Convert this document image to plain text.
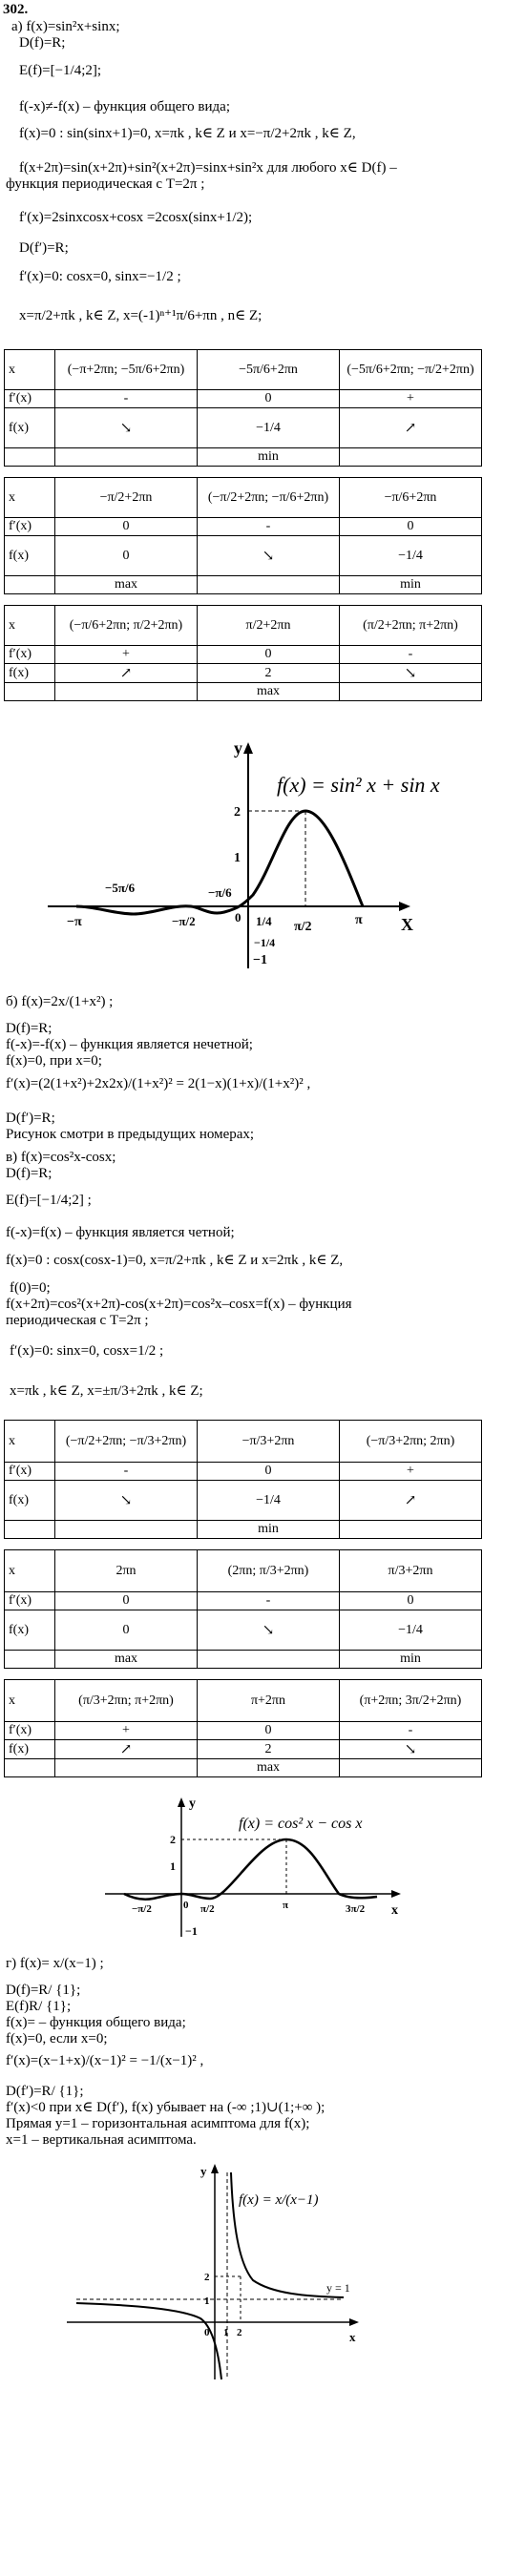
302.
а) f(x)=sin²x+sinx;
D(f)=R;
E(f)=[−1/4;2];
f(-x)≠-f(x) – функция общего вида;
f(x)=0 : sin(sinx+1)=0, x=πk , k∈ Z и x=−π/2+2πk , k∈ Z,
f(x+2π)=sin(x+2π)+sin²(x+2π)=sinx+sin²x для любого x∈ D(f) –
функция периодическая с T=2π ;
f′(x)=2sinxcosx+cosx =2cosx(sinx+1/2);
D(f′)=R;
f′(x)=0: cosx=0, sinx=−1/2 ;
x=π/2+πk , k∈ Z, x=(-1)ⁿ⁺¹π/6+πn , n∈ Z;
x	(−π+2πn; −5π/6+2πn)	−5π/6+2πn	(−5π/6+2πn; −π/2+2πn)
f′(x)	-	0	+
f(x)	↘	−1/4	↗
		min	
x	−π/2+2πn	(−π/2+2πn; −π/6+2πn)	−π/6+2πn
f′(x)	0	-	0
f(x)	0	↘	−1/4
	max		min
x	(−π/6+2πn; π/2+2πn)	π/2+2πn	(π/2+2πn; π+2πn)
f′(x)	+	0	-
f(x)	↗	2	↘
		max	
f(x) = sin² x + sin x
y
X
−π
−5π/6
−π/2
−π/6
0 1/4 π/2	π
2
1
−1
−1/4
б) f(x)=2x/(1+x²) ;
D(f)=R;
f(-x)=-f(x) – функция является нечетной;
f(x)=0, при x=0;
f′(x)=(2(1+x²)+2x2x)/(1+x²)² = 2(1−x)(1+x)/(1+x²)² ,
D(f′)=R;
Рисунок смотри в предыдущих номерах;
в) f(x)=cos²x-cosx;
D(f)=R;
E(f)=[−1/4;2] ;
f(-x)=f(x) – функция является четной;
f(x)=0 : cosx(cosx-1)=0, x=π/2+πk , k∈ Z и x=2πk , k∈ Z,
f(0)=0;
f(x+2π)=cos²(x+2π)-cos(x+2π)=cos²x–cosx=f(x) – функция
периодическая с T=2π ;
f′(x)=0: sinx=0, cosx=1/2 ;
x=πk , k∈ Z, x=±π/3+2πk , k∈ Z;
x	(−π/2+2πn; −π/3+2πn)	−π/3+2πn	(−π/3+2πn; 2πn)
f′(x)	-	0	+
f(x)	↘	−1/4	↗
		min	
x	2πn	(2πn; π/3+2πn)	π/3+2πn
f′(x)	0	-	0
f(x)	0	↘	−1/4
	max		min
x	(π/3+2πn; π+2πn)	π+2πn	(π+2πn; 3π/2+2πn)
f′(x)	+	0	-
f(x)	↗	2	↘
		max	
f(x) = cos² x − cos x
y
x
−π/2	0 π/2	π	3π/2
2
1
−1
г) f(x)= x/(x−1) ;
D(f)=R/ {1};
E(f)R/ {1};
f(x)= – функция общего вида;
f(x)=0, если x=0;
f′(x)=(x−1+x)/(x−1)² = −1/(x−1)² ,
D(f′)=R/ {1};
f′(x)<0 при x∈ D(f′), f(x) убывает на (-∞ ;1)∪(1;+∞ );
Прямая y=1 – горизонтальная асимптома для f(x);
x=1 – вертикальная асимптома.
f(x) = x/(x−1)
y
x
y = 1
0 1 2
2
1
